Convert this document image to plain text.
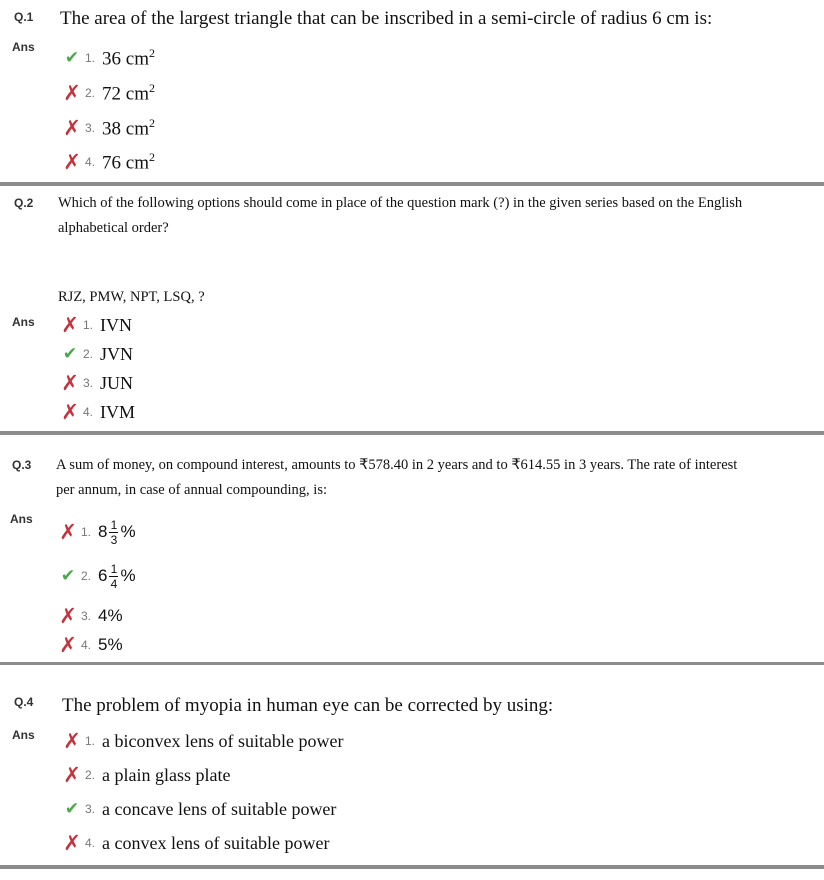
Q.1 The area of the largest triangle that can be inscribed in a semi-circle of radius 6 cm is:
Ans
✔ 1. 36 $cm^2$
✗ 2. 72 $cm^2$
✗ 3. 38 $cm^2$
✗ 4. 76 $cm^2$
Q.2 Which of the following options should come in place of the question mark (?) in the given series based on the English
alphabetical order?
RJZ, PMW, NPT, LSQ, ?
Ans ✗ 1. IVN
✔ 2. JVN
✗ 3. JUN
✗ 4. IVM
Q.3 A sum of money, on compound interest, amounts to ₹578.40 in 2 years and to ₹614.55 in 3 years. The rate of interest
per annum, in case of annual compounding, is:
Ans
✗ 1. $8 \frac{1}{3}$ %
✔ 2. $6 \frac{1}{4}$ %
✗ 3. 4%
✗ 4. 5%
Q.4 The problem of myopia in human eye can be corrected by using:
Ans ✗ 1. a biconvex lens of suitable power
✗ 2. a plain glass plate
✔ 3. a concave lens of suitable power
✗ 4. a convex lens of suitable power
